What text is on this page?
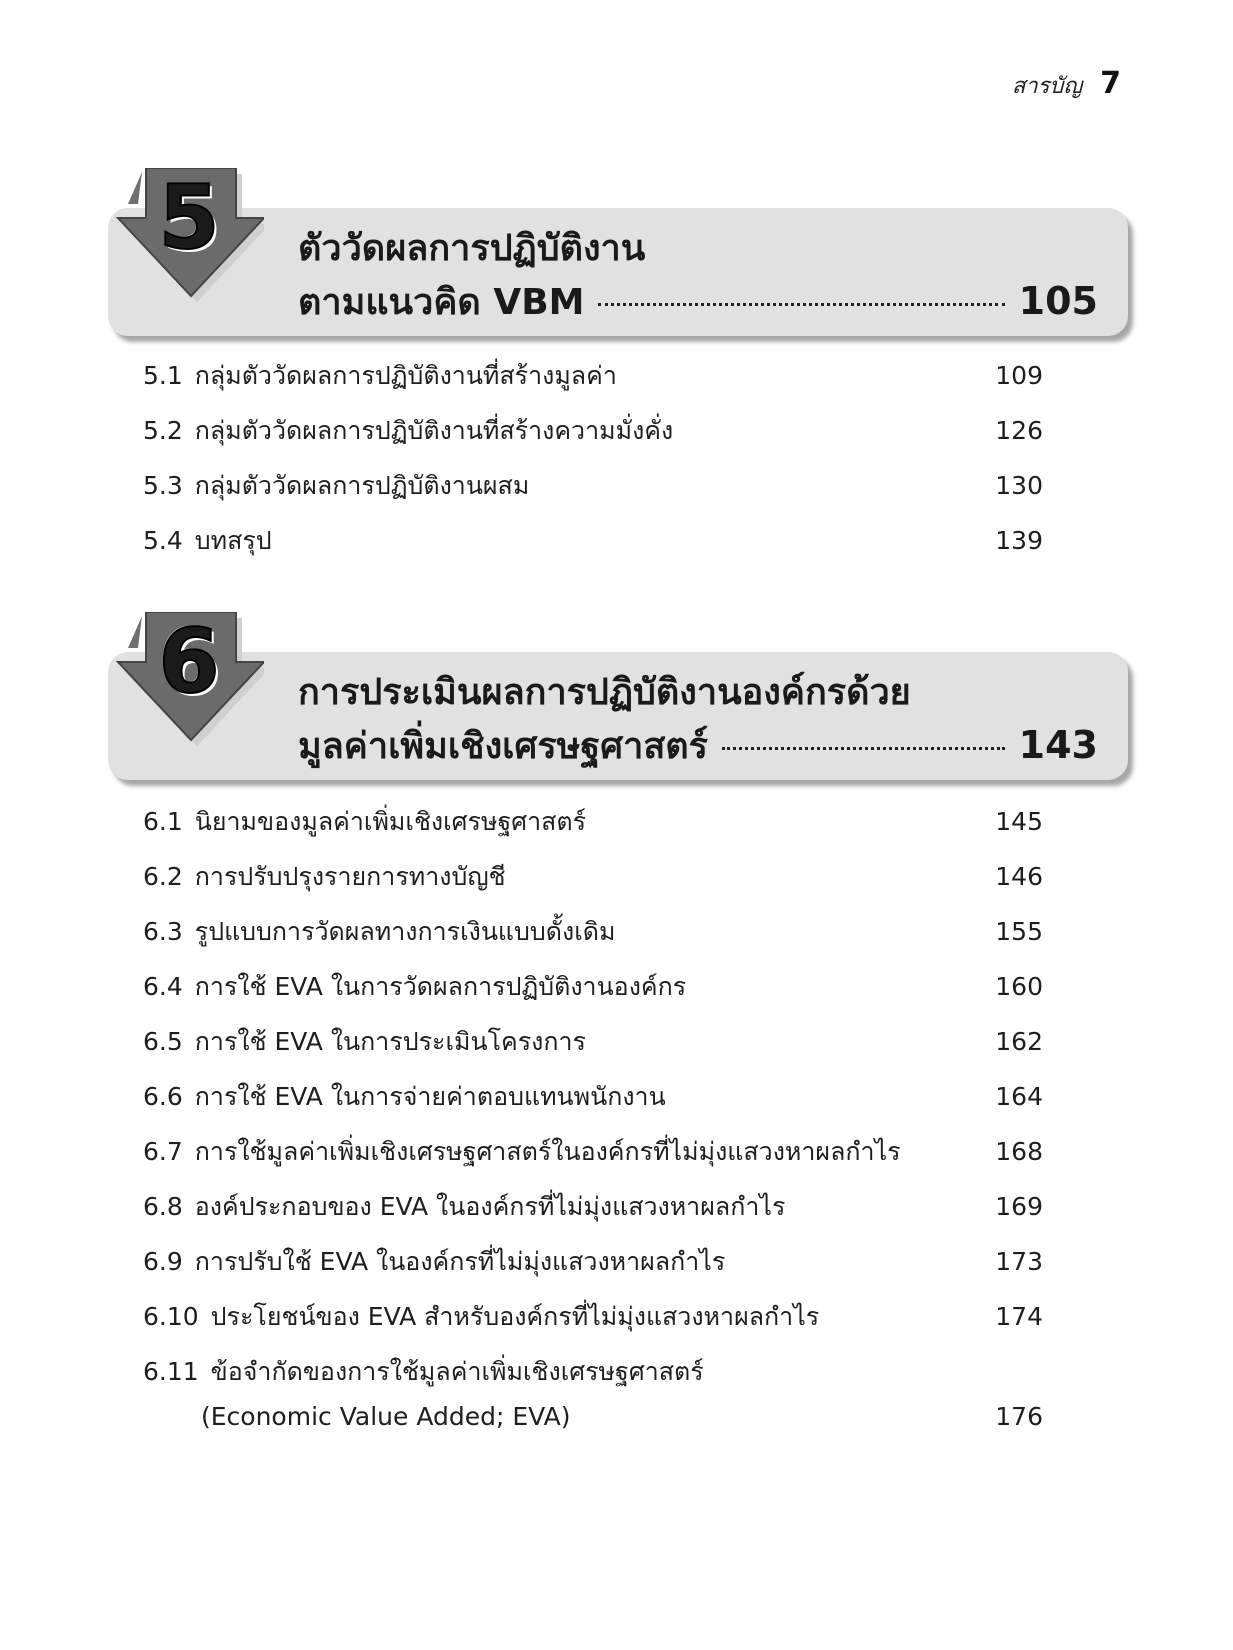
สารบัญ 7
5	ตัววัดผลการปฏิบัติงาน
ตามแนวคิด VBM	105
5.1 กลุ่มตัววัดผลการปฏิบัติงานที่สร้างมูลค่า	109
5.2 กลุ่มตัววัดผลการปฏิบัติงานที่สร้างความมั่งคั่ง	126
5.3 กลุ่มตัววัดผลการปฏิบัติงานผสม	130
5.4 บทสรุป	139
6	การประเมินผลการปฏิบัติงานองค์กรด้วย
มูลค่าเพิ่มเชิงเศรษฐศาสตร์	143
6.1 นิยามของมูลค่าเพิ่มเชิงเศรษฐศาสตร์	145
6.2 การปรับปรุงรายการทางบัญชี	146
6.3 รูปแบบการวัดผลทางการเงินแบบดั้งเดิม	155
6.4 การใช้ EVA ในการวัดผลการปฏิบัติงานองค์กร	160
6.5 การใช้ EVA ในการประเมินโครงการ	162
6.6 การใช้ EVA ในการจ่ายค่าตอบแทนพนักงาน	164
6.7 การใช้มูลค่าเพิ่มเชิงเศรษฐศาสตร์ในองค์กรที่ไม่มุ่งแสวงหาผลกำไร	168
6.8 องค์ประกอบของ EVA ในองค์กรที่ไม่มุ่งแสวงหาผลกำไร	169
6.9 การปรับใช้ EVA ในองค์กรที่ไม่มุ่งแสวงหาผลกำไร	173
6.10 ประโยชน์ของ EVA สำหรับองค์กรที่ไม่มุ่งแสวงหาผลกำไร	174
6.11 ข้อจำกัดของการใช้มูลค่าเพิ่มเชิงเศรษฐศาสตร์
(Economic Value Added; EVA)	176
